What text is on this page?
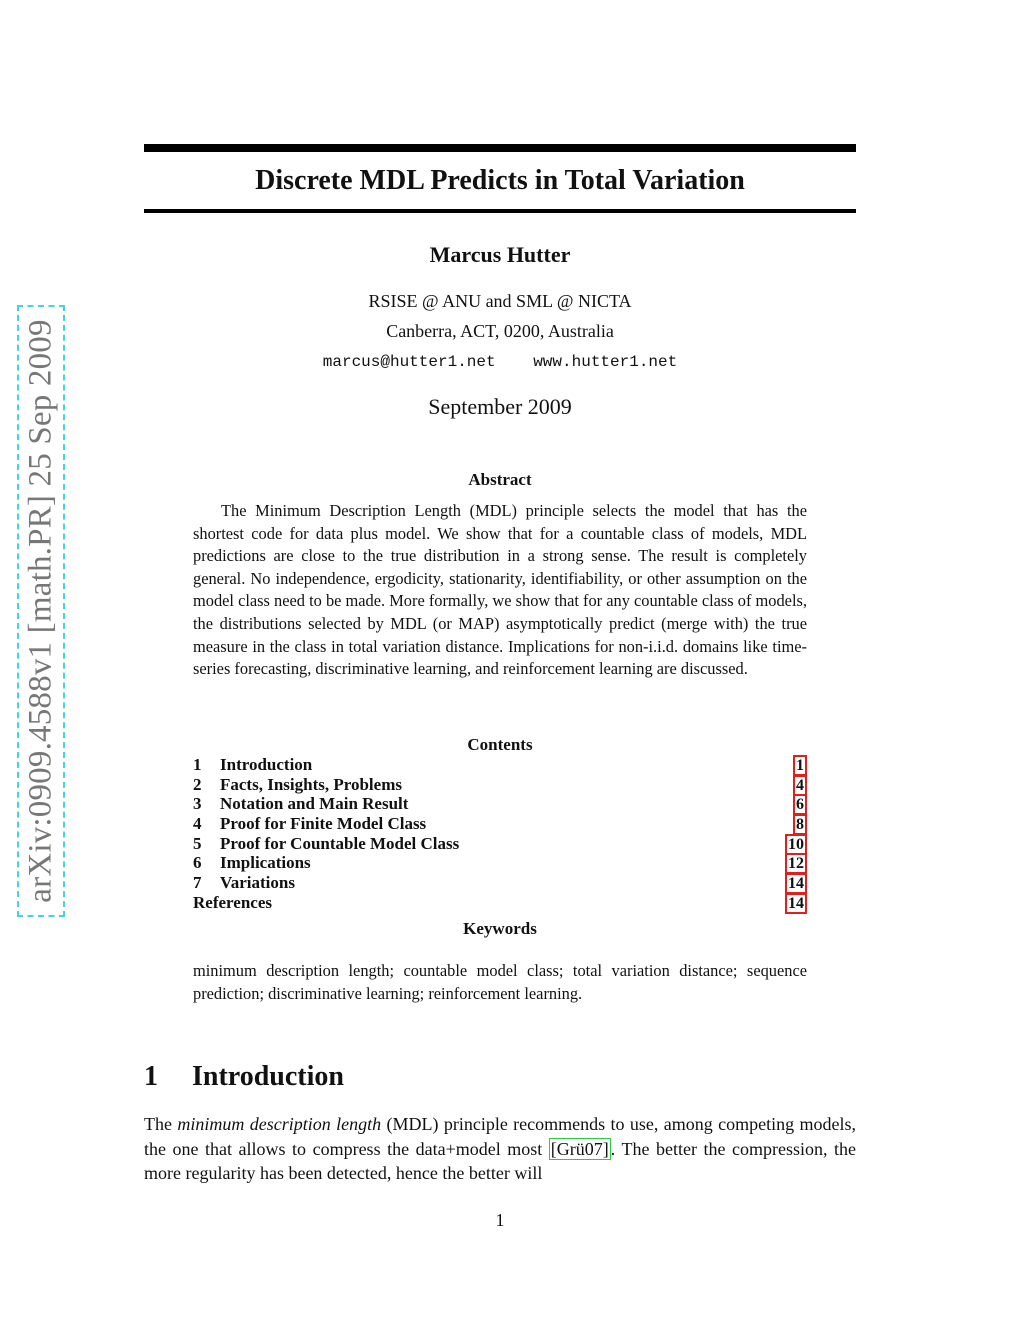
arXiv:0909.4588v1 [math.PR] 25 Sep 2009
Discrete MDL Predicts in Total Variation
Marcus Hutter
RSISE @ ANU and SML @ NICTA
Canberra, ACT, 0200, Australia
marcus@hutter1.net www.hutter1.net
September 2009
Abstract

The Minimum Description Length (MDL) principle selects the model that has the shortest code for data plus model. We show that for a countable class of models, MDL predictions are close to the true distribution in a strong sense. The result is completely general. No independence, ergodicity, stationarity, identifiability, or other assumption on the model class need to be made. More formally, we show that for any countable class of models, the distributions selected by MDL (or MAP) asymptotically predict (merge with) the true measure in the class in total variation distance. Implications for non-i.i.d. domains like time-series forecasting, discriminative learning, and reinforcement learning are discussed.

Contents
1 Introduction	1
2 Facts, Insights, Problems	4
3 Notation and Main Result	6
4 Proof for Finite Model Class	8
5 Proof for Countable Model Class	10
6 Implications	12
7 Variations	14
References	14
Keywords

minimum description length; countable model class; total variation distance; sequence prediction; discriminative learning; reinforcement learning.

1 Introduction

The minimum description length (MDL) principle recommends to use, among competing models, the one that allows to compress the data+model most [Grü07] . The better the compression, the more regularity has been detected, hence the better will

1
